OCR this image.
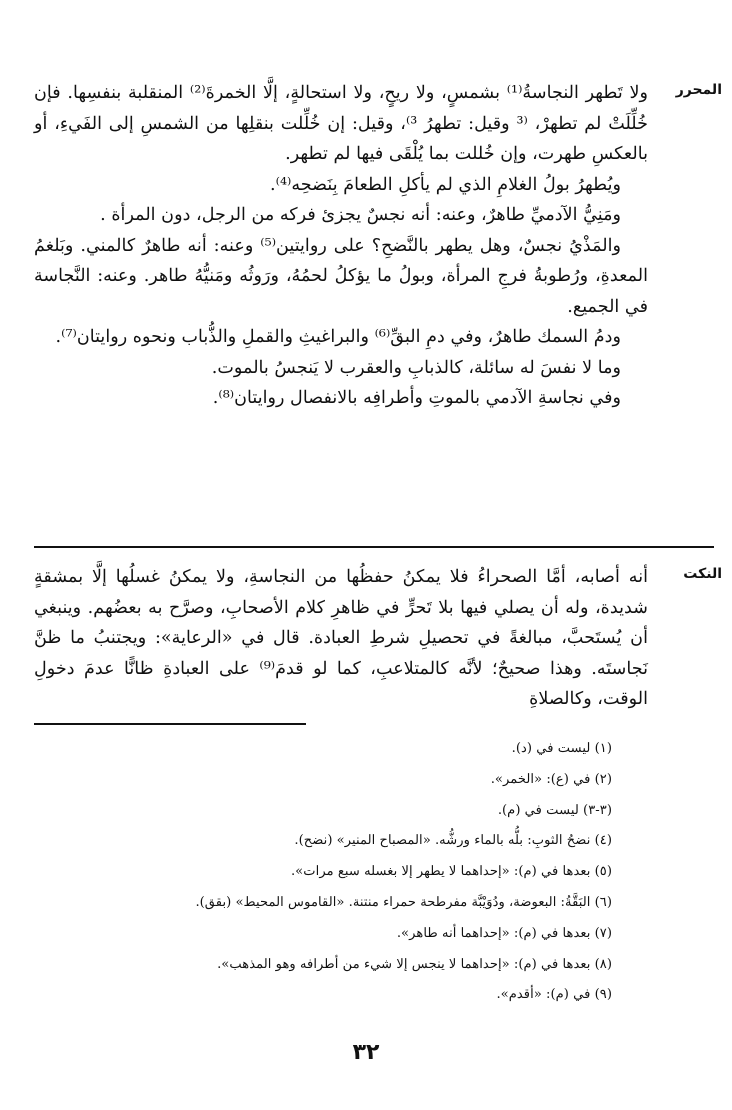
المحرر

ولا تَطهر النجاسةُ⁽¹⁾ بشمسٍ، ولا ريحٍ، ولا استحالةٍ، إلَّا الخمرةَ⁽²⁾ المنقلبة بنفسِها. فإن خُلِّلَتْ لم تطهرْ، ⁽³ وقيل: تطهرُ ³⁾، وقيل: إن خُلِّلت بنقلِها من الشمسِ إلى الفَيءِ، أو بالعكسِ طهرت، وإن خُللت بما يُلْقَى فيها لم تطهر.

ويُطهرُ بولُ الغلامِ الذي لم يأكلِ الطعامَ بِنَضحِه⁽⁴⁾.

ومَنِيُّ الآدميِّ طاهرٌ، وعنه: أنه نجسٌ يجزئ فركه من الرجل، دون المرأة .

والمَذْيُ نجسٌ، وهل يطهر بالنَّضحِ؟ على روايتين⁽⁵⁾ وعنه: أنه طاهرٌ كالمني. وبَلغمُ المعدةِ، ورُطوبةُ فرجِ المرأة، وبولُ ما يؤكلُ لحمُهُ، ورَوثُه ومَنيُّهُ طاهر. وعنه: النَّجاسة في الجميع.

ودمُ السمك طاهرٌ، وفي دمِ البقِّ⁽⁶⁾ والبراغيثِ والقملِ والذُّباب ونحوه روايتان⁽⁷⁾.

وما لا نفسَ له سائلة، كالذبابِ والعقرب لا يَنجسُ بالموت.

وفي نجاسةِ الآدمي بالموتِ وأطرافِه بالانفصال روايتان⁽⁸⁾.

النكت

أنه أصابه، أمَّا الصحراءُ فلا يمكنُ حفظُها من النجاسةِ، ولا يمكنُ غسلُها إلَّا بمشقةٍ شديدة، وله أن يصلي فيها بلا تَحرٍّ في ظاهرِ كلام الأصحابِ، وصرَّح به بعضُهم. وينبغي أن يُستَحبَّ، مبالغةً في تحصيلِ شرطِ العبادة. قال في «الرعاية»: ويجتنبُ ما ظنَّ نَجاستَه. وهذا صحيحٌ؛ لأنَّه كالمتلاعبِ، كما لو قدمَ⁽⁹⁾ على العبادةِ ظانًّا عدمَ دخولِ الوقت، وكالصلاةِ

(١) ليست في (د).
(٢) في (ع): «الخمر».
(٣-٣) ليست في (م).
(٤) نضحُ الثوبِ: بلُّه بالماء ورشُّه. «المصباح المنير» (نضح).
(٥) بعدها في (م): «إحداهما لا يطهر إلا بغسله سبع مرات».
(٦) البَقَّةُ: البعوضة، ودُوَيْبَّة مفرطحة حمراء منتنة. «القاموس المحيط» (بقق).
(٧) بعدها في (م): «إحداهما أنه طاهر».
(٨) بعدها في (م): «إحداهما لا ينجس إلا شيء من أطرافه وهو المذهب».
(٩) في (م): «أقدم».
٣٢
